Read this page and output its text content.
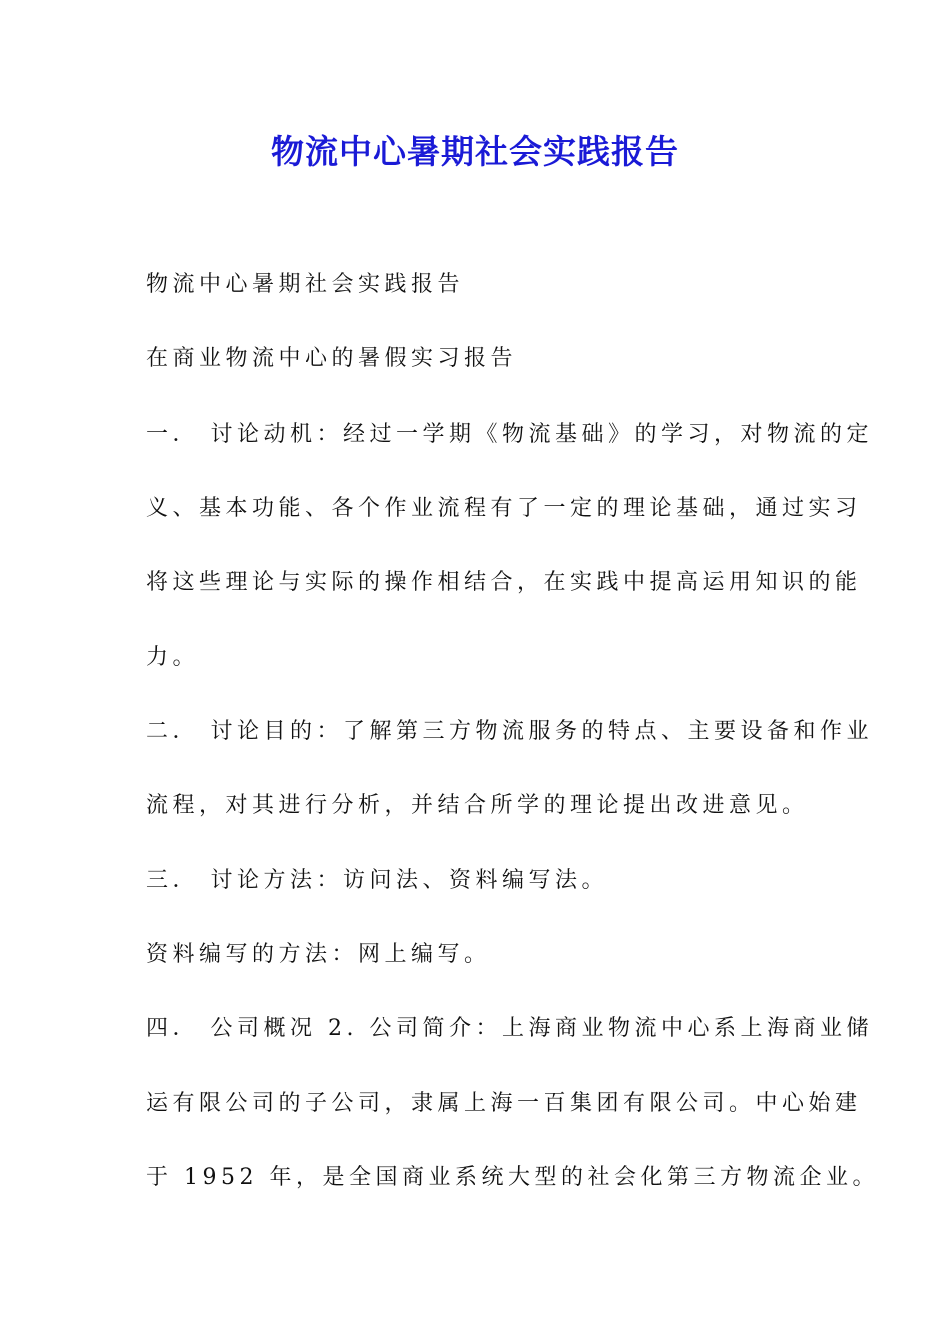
物流中心暑期社会实践报告
物流中心暑期社会实践报告
在商业物流中心的暑假实习报告
一． 讨论动机：经过一学期《物流基础》的学习，对物流的定
义、基本功能、各个作业流程有了一定的理论基础，通过实习
将这些理论与实际的操作相结合，在实践中提高运用知识的能
力。
二． 讨论目的：了解第三方物流服务的特点、主要设备和作业
流程，对其进行分析，并结合所学的理论提出改进意见。
三． 讨论方法：访问法、资料编写法。
资料编写的方法：网上编写。
四． 公司概况 2. 公司简介：上海商业物流中心系上海商业储
运有限公司的子公司，隶属上海一百集团有限公司。中心始建
于 1952 年，是全国商业系统大型的社会化第三方物流企业。
